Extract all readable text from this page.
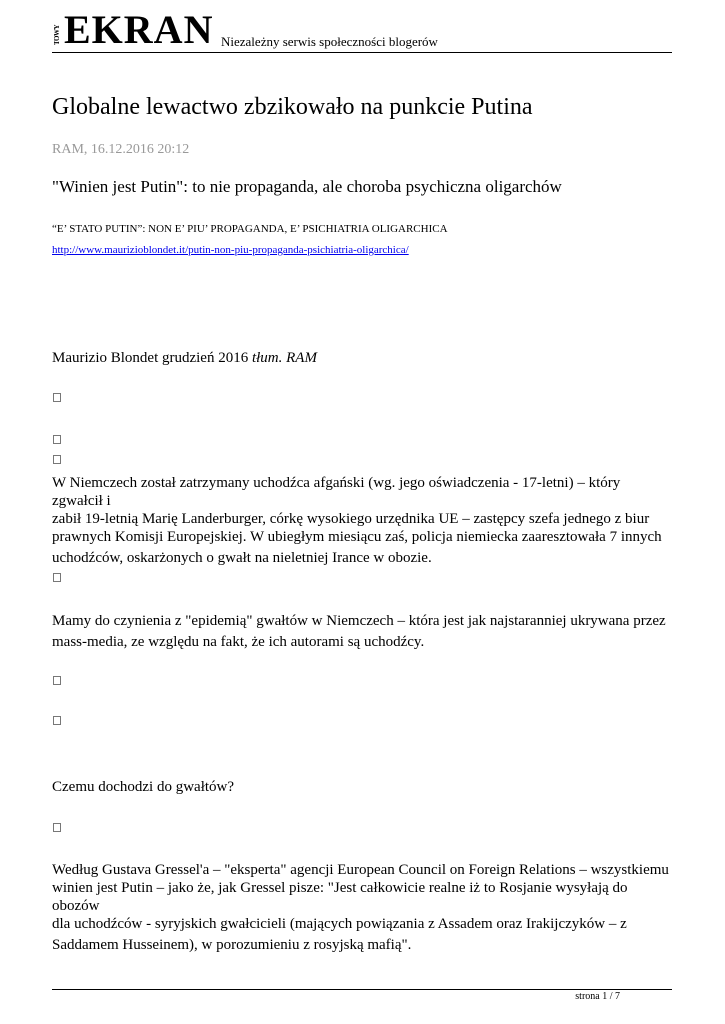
TOWY EKRAN Niezależny serwis społeczności blogerów
Globalne lewactwo zbzikowało na punkcie Putina
RAM, 16.12.2016 20:12
"Winien jest Putin": to nie propaganda, ale choroba psychiczna oligarchów
“E’ STATO PUTIN”: NON E’ PIU’ PROPAGANDA, E’ PSICHIATRIA OLIGARCHICA
http://www.maurizioblondet.it/putin-non-piu-propaganda-psichiatria-oligarchica/
Maurizio Blondet grudzień 2016 tłum. RAM
W Niemczech został zatrzymany uchodźca afgański (wg. jego oświadczenia - 17-letni) – który zgwałcił i
zabił 19-letnią Marię Landerburger, córkę wysokiego urzędnika UE – zastępcy szefa jednego z biur
prawnych Komisji Europejskiej. W ubiegłym miesiącu zaś, policja niemiecka zaaresztowała 7 innych
uchodźców, oskarżonych o gwałt na nieletniej Irance w obozie.
Mamy do czynienia z "epidemią" gwałtów w Niemczech – która jest jak najstaranniej ukrywana przez
mass-media, ze względu na fakt, że ich autorami są uchodźcy.
Czemu dochodzi do gwałtów?
Według Gustava Gressel'a – "eksperta" agencji European Council on Foreign Relations – wszystkiemu
winien jest Putin – jako że, jak Gressel pisze: "Jest całkowicie realne iż to Rosjanie wysyłają do obozów
dla uchodźców - syryjskich gwałcicieli (mających powiązania z Assadem oraz Irakijczyków – z
Saddamem Husseinem), w porozumieniu z rosyjską mafią".
strona 1 / 7
